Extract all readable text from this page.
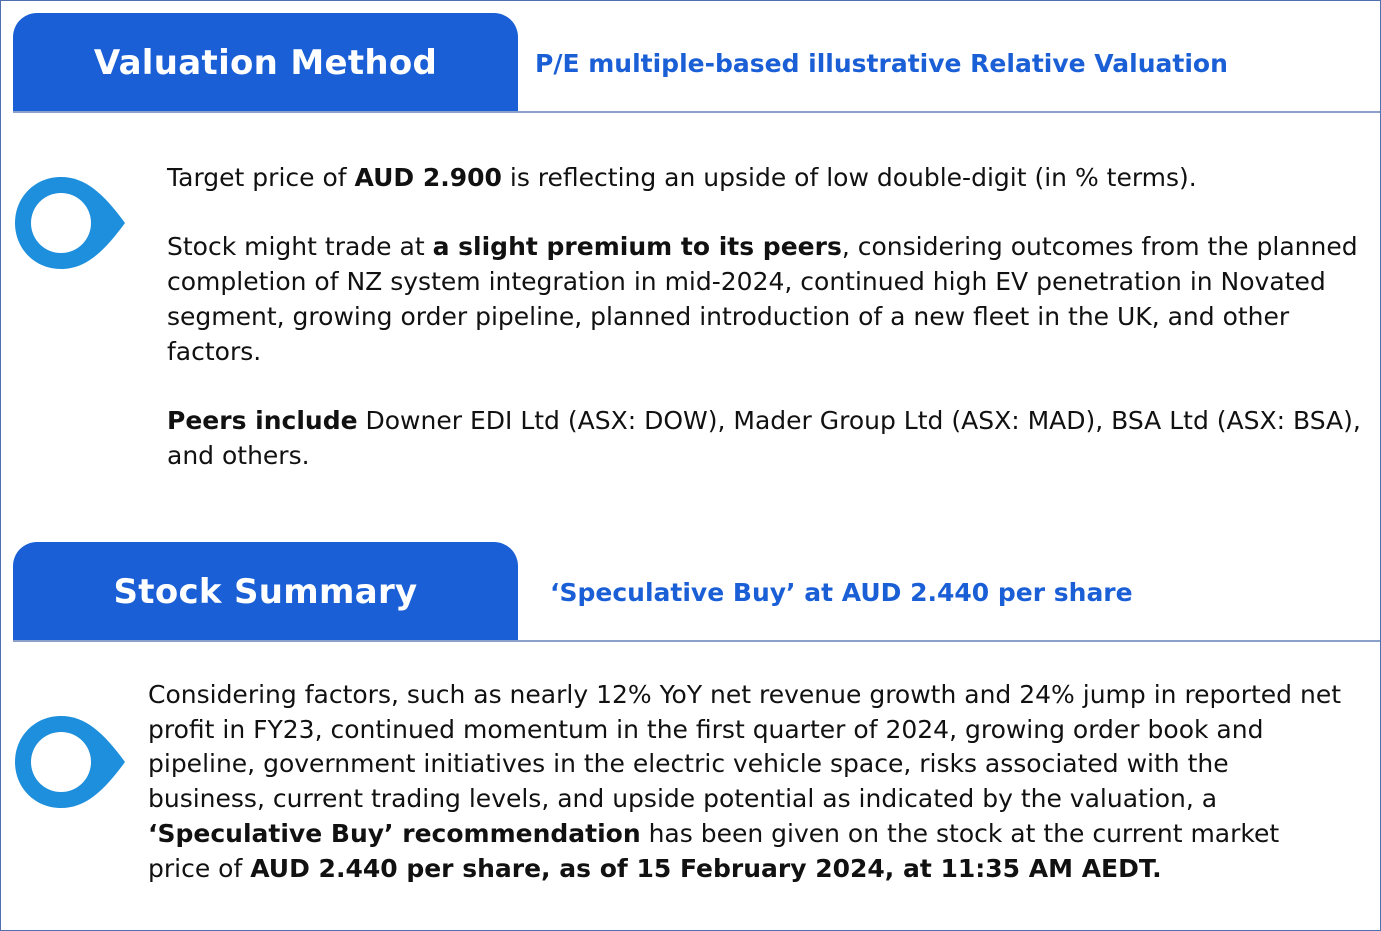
Valuation Method	P/E multiple-based illustrative Relative Valuation

Target price of AUD 2.900 is reflecting an upside of low double-digit (in % terms).

Stock might trade at a slight premium to its peers, considering outcomes from the planned completion of NZ system integration in mid-2024, continued high EV penetration in Novated segment, growing order pipeline, planned introduction of a new fleet in the UK, and other factors.

Peers include Downer EDI Ltd (ASX: DOW), Mader Group Ltd (ASX: MAD), BSA Ltd (ASX: BSA), and others.

Stock Summary	‘Speculative Buy’ at AUD 2.440 per share

Considering factors, such as nearly 12% YoY net revenue growth and 24% jump in reported net profit in FY23, continued momentum in the first quarter of 2024, growing order book and pipeline, government initiatives in the electric vehicle space, risks associated with the business, current trading levels, and upside potential as indicated by the valuation, a ‘Speculative Buy’ recommendation has been given on the stock at the current market price of AUD 2.440 per share, as of 15 February 2024, at 11:35 AM AEDT.
